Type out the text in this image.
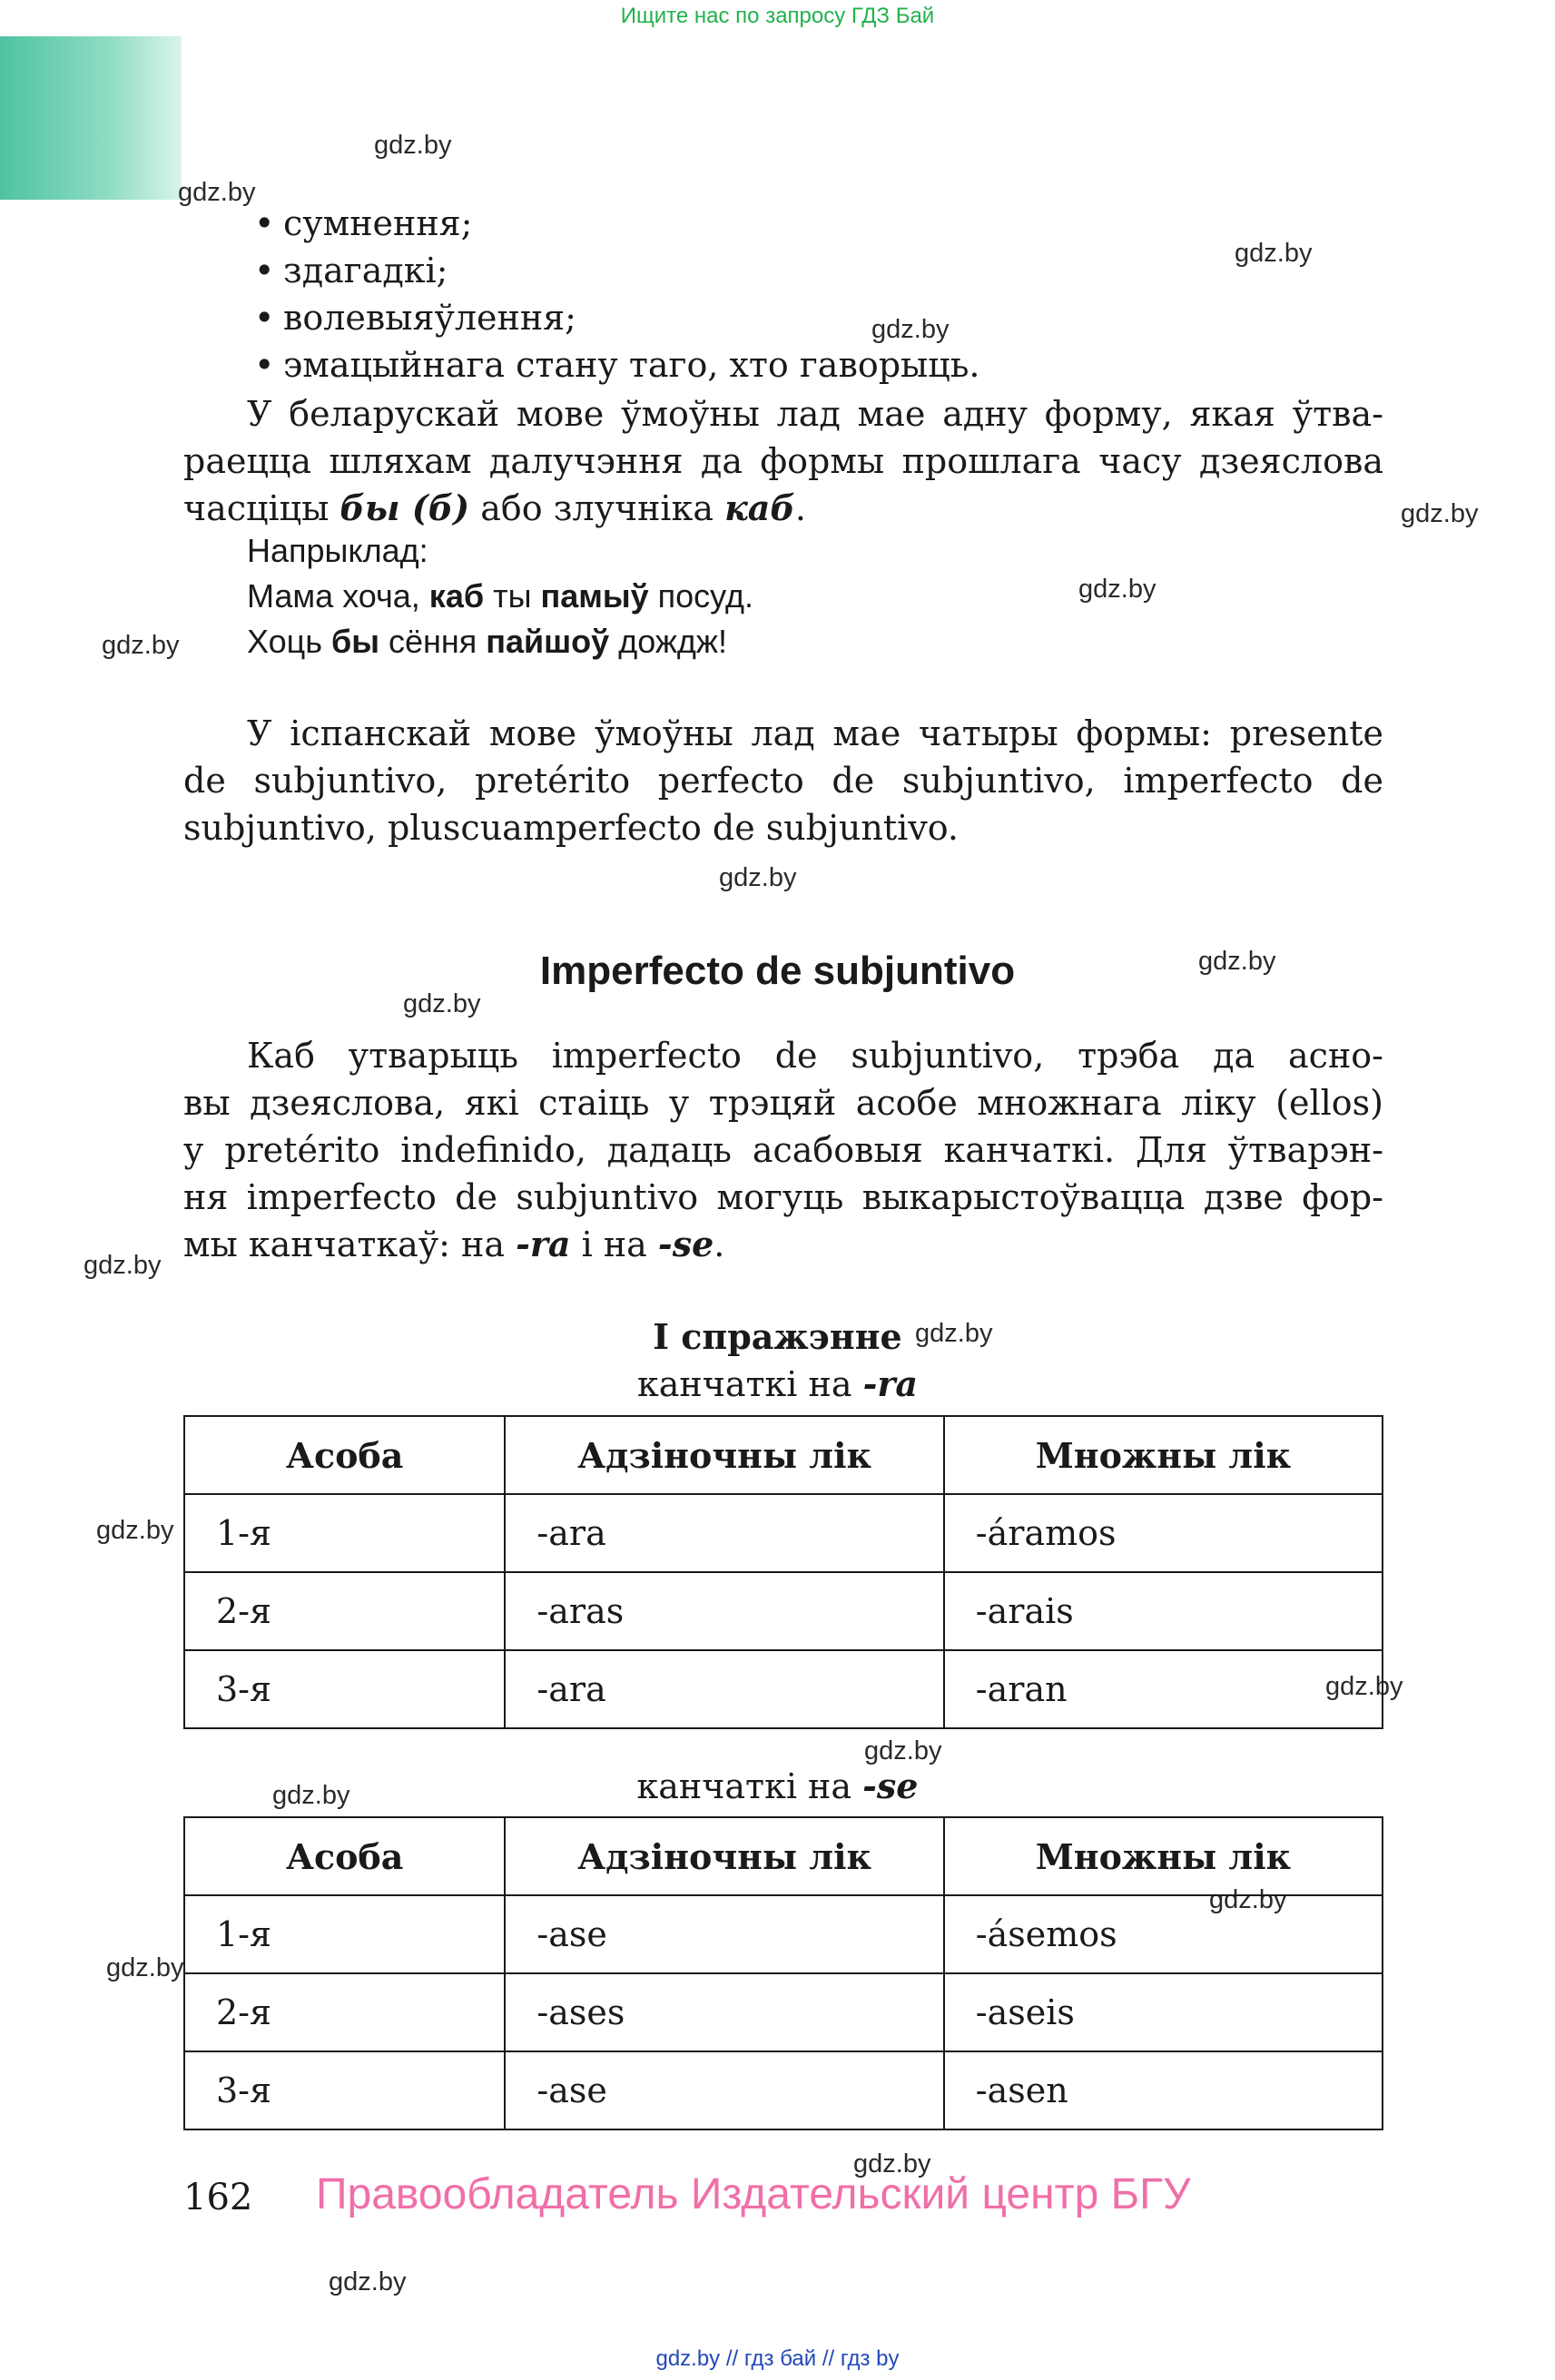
Ищите нас по запросу ГДЗ Бай
gdz.by
gdz.by
gdz.by
gdz.by
gdz.by
gdz.by
gdz.by
gdz.by
gdz.by
gdz.by
gdz.by
gdz.by
gdz.by
gdz.by
gdz.by
gdz.by
gdz.by
gdz.by
gdz.by
gdz.by
• сумнення;
• здагадкі;
• волевыяўлення;
• эмацыйнага стану таго, хто гаворыць.
У беларускай мове ўмоўны лад мае адну форму, якая ўтва-
раецца шляхам далучэння да формы прошлага часу дзеяслова
часціцы бы (б) або злучніка каб.
Напрыклад:
Мама хоча, каб ты памыў посуд.
Хоць бы сёння пайшоў дождж!
У іспанскай мове ўмоўны лад мае чатыры формы: presente
de subjuntivo, pretérito perfecto de subjuntivo, imperfecto de
subjuntivo, pluscuamperfecto de subjuntivo.
Imperfecto de subjuntivo
Каб утварыць imperfecto de subjuntivo, трэба да асно-
вы дзеяслова, які стаіць у трэцяй асобе множнага ліку (ellos)
у pretérito indefinido, дадаць асабовыя канчаткі. Для ўтварэн-
ня imperfecto de subjuntivo могуць выкарыстоўвацца дзве фор-
мы канчаткаў: на -ra і на -se.
I спражэнне
канчаткі на -ra
Асоба	Адзіночны лік	Множны лік
1-я	-ara	-áramos
2-я	-aras	-arais
3-я	-ara	-aran
канчаткі на -se
Асоба	Адзіночны лік	Множны лік
1-я	-ase	-ásemos
2-я	-ases	-aseis
3-я	-ase	-asen
162 Правообладатель Издательский центр БГУ
gdz.by // гдз бай // гдз by
